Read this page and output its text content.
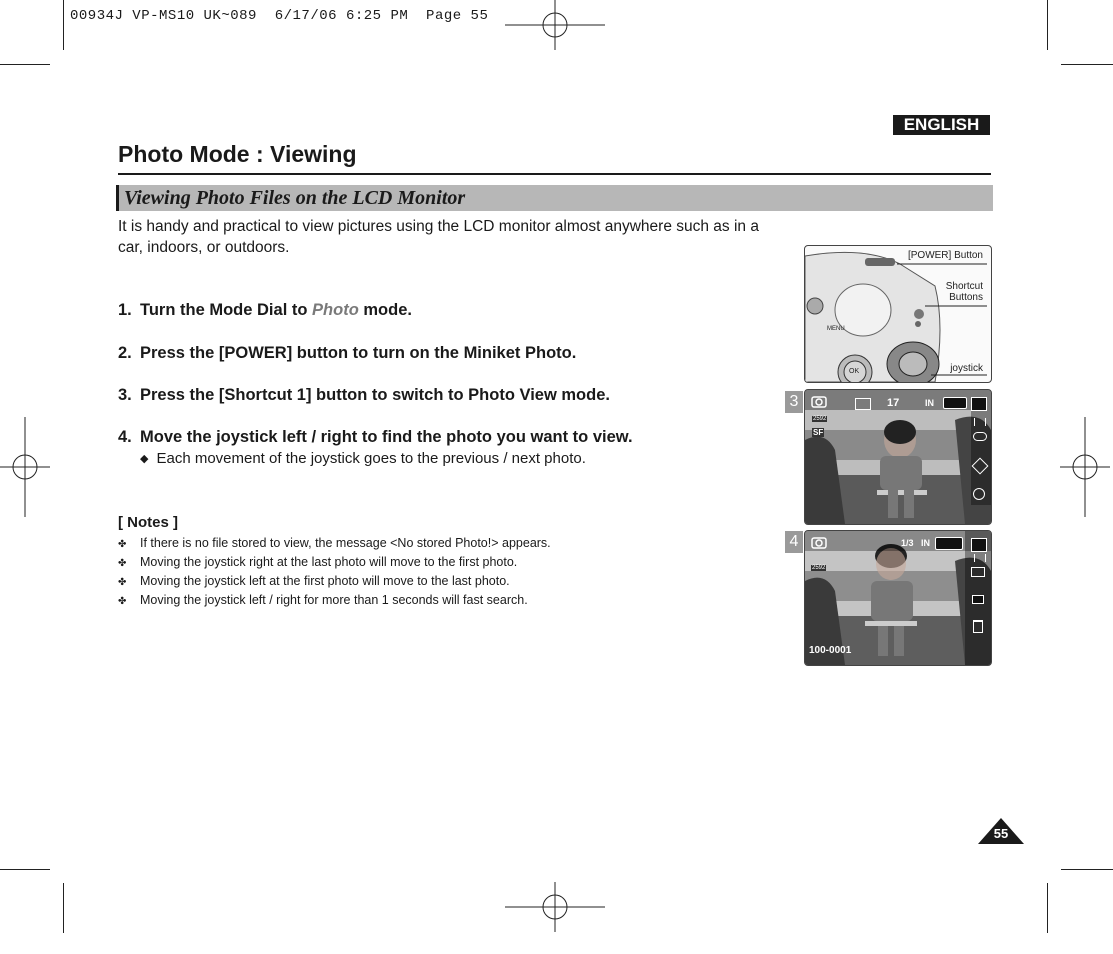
00934J VP-MS10 UK~089  6/17/06 6:25 PM  Page 55
ENGLISH
Photo Mode : Viewing
Viewing Photo Files on the LCD Monitor
It is handy and practical to view pictures using the LCD monitor almost anywhere such as in a car, indoors, or outdoors.
1. Turn the Mode Dial to Photo mode.
2. Press the [POWER] button to turn on the Miniket Photo.
3. Press the [Shortcut 1] button to switch to Photo View mode.
4. Move the joystick left / right to find the photo you want to view.
◆ Each movement of the joystick goes to the previous / next photo.
[ Notes ]
✤ If there is no file stored to view, the message <No stored Photo!> appears.
✤ Moving the joystick right at the last photo will move to the first photo.
✤ Moving the joystick left at the first photo will move to the last photo.
✤ Moving the joystick left / right for more than 1 seconds will fast search.
[POWER] Button
Shortcut Buttons
joystick
MENU
OK
3	17	IN
2592
SF
4	1/3 IN
2592
100-0001
55
